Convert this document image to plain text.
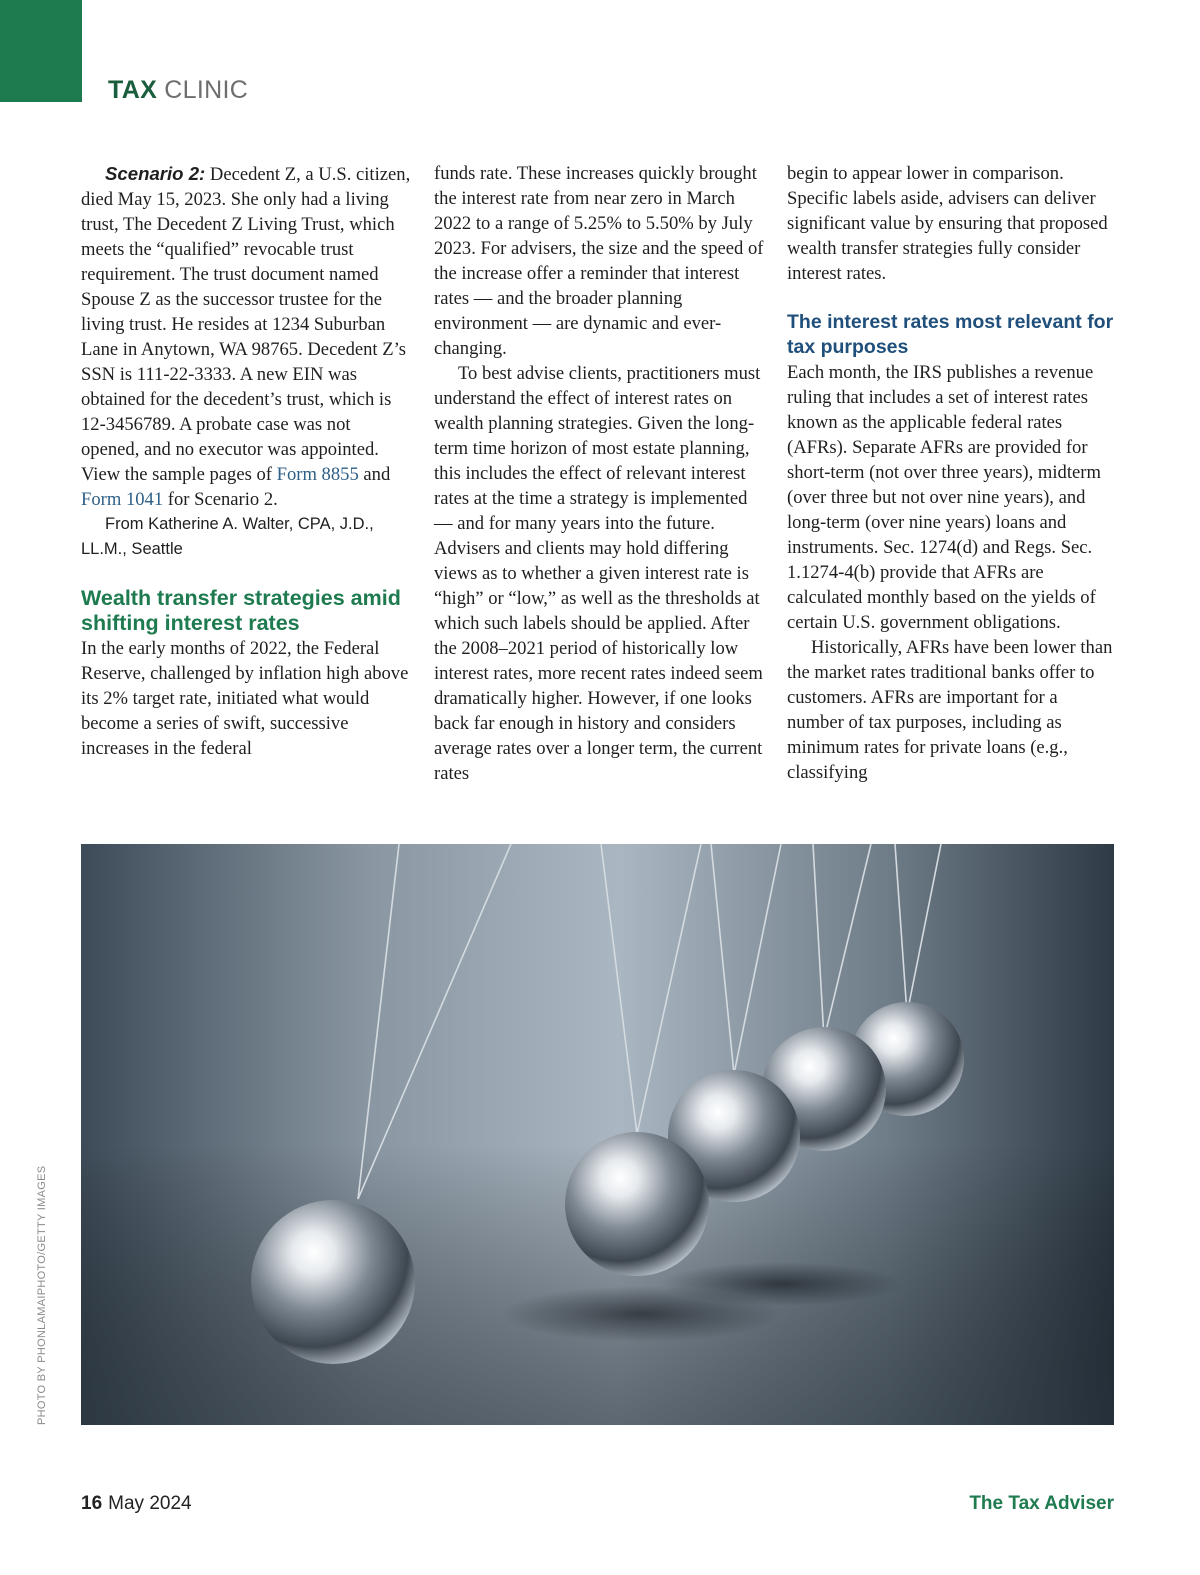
TAX CLINIC

Scenario 2: Decedent Z, a U.S. citizen, died May 15, 2023. She only had a living trust, The Decedent Z Living Trust, which meets the “qualified” revocable trust requirement. The trust document named Spouse Z as the successor trustee for the living trust. He resides at 1234 Suburban Lane in Anytown, WA 98765. Decedent Z’s SSN is 111-22-3333. A new EIN was obtained for the decedent’s trust, which is 12-3456789. A probate case was not opened, and no executor was appointed. View the sample pages of Form 8855 and Form 1041 for Scenario 2.

From Katherine A. Walter, CPA, J.D., LL.M., Seattle

Wealth transfer strategies amid shifting interest rates

In the early months of 2022, the Federal Reserve, challenged by inflation high above its 2% target rate, initiated what would become a series of swift, successive increases in the federal

funds rate. These increases quickly brought the interest rate from near zero in March 2022 to a range of 5.25% to 5.50% by July 2023. For advisers, the size and the speed of the increase offer a reminder that interest rates — and the broader planning environment — are dynamic and ever-changing.

To best advise clients, practitioners must understand the effect of interest rates on wealth planning strategies. Given the long-term time horizon of most estate planning, this includes the effect of relevant interest rates at the time a strategy is implemented — and for many years into the future. Advisers and clients may hold differing views as to whether a given interest rate is “high” or “low,” as well as the thresholds at which such labels should be applied. After the 2008–2021 period of historically low interest rates, more recent rates indeed seem dramatically higher. However, if one looks back far enough in history and considers average rates over a longer term, the current rates

begin to appear lower in comparison. Specific labels aside, advisers can deliver significant value by ensuring that proposed wealth transfer strategies fully consider interest rates.

The interest rates most relevant for tax purposes

Each month, the IRS publishes a revenue ruling that includes a set of interest rates known as the applicable federal rates (AFRs). Separate AFRs are provided for short-term (not over three years), midterm (over three but not over nine years), and long-term (over nine years) loans and instruments. Sec. 1274(d) and Regs. Sec. 1.1274-4(b) provide that AFRs are calculated monthly based on the yields of certain U.S. government obligations.

Historically, AFRs have been lower than the market rates traditional banks offer to customers. AFRs are important for a number of tax purposes, including as minimum rates for private loans (e.g., classifying

PHOTO BY PHONLAMAIPHOTO/GETTY IMAGES
16 May 2024	The Tax Adviser
